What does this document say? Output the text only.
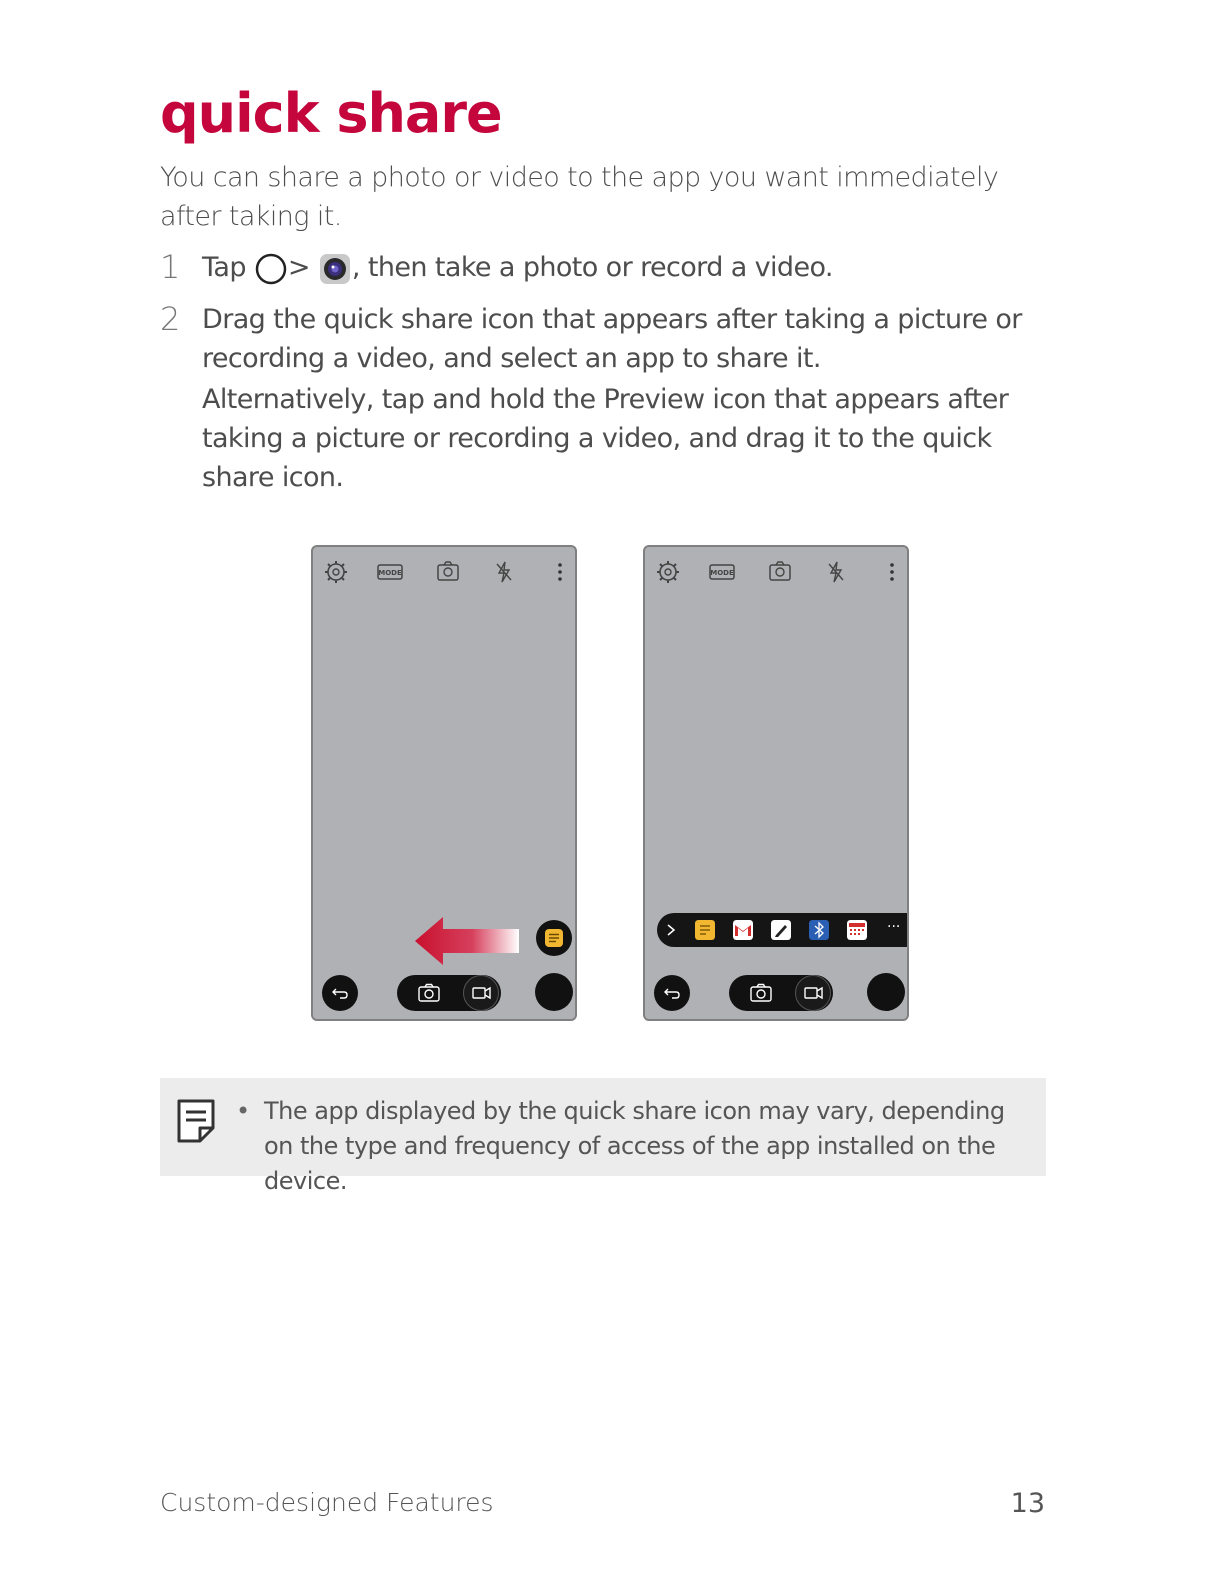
quick share

You can share a photo or video to the app you want immediately after taking it.

1 Tap > , then take a photo or record a video.
2 Drag the quick share icon that appears after taking a picture or recording a video, and select an app to share it.

Alternatively, tap and hold the Preview icon that appears after taking a picture or recording a video, and drag it to the quick share icon.

MODE	MODE
···
• The app displayed by the quick share icon may vary, depending on the type and frequency of access of the app installed on the device.

Custom-designed Features	13
